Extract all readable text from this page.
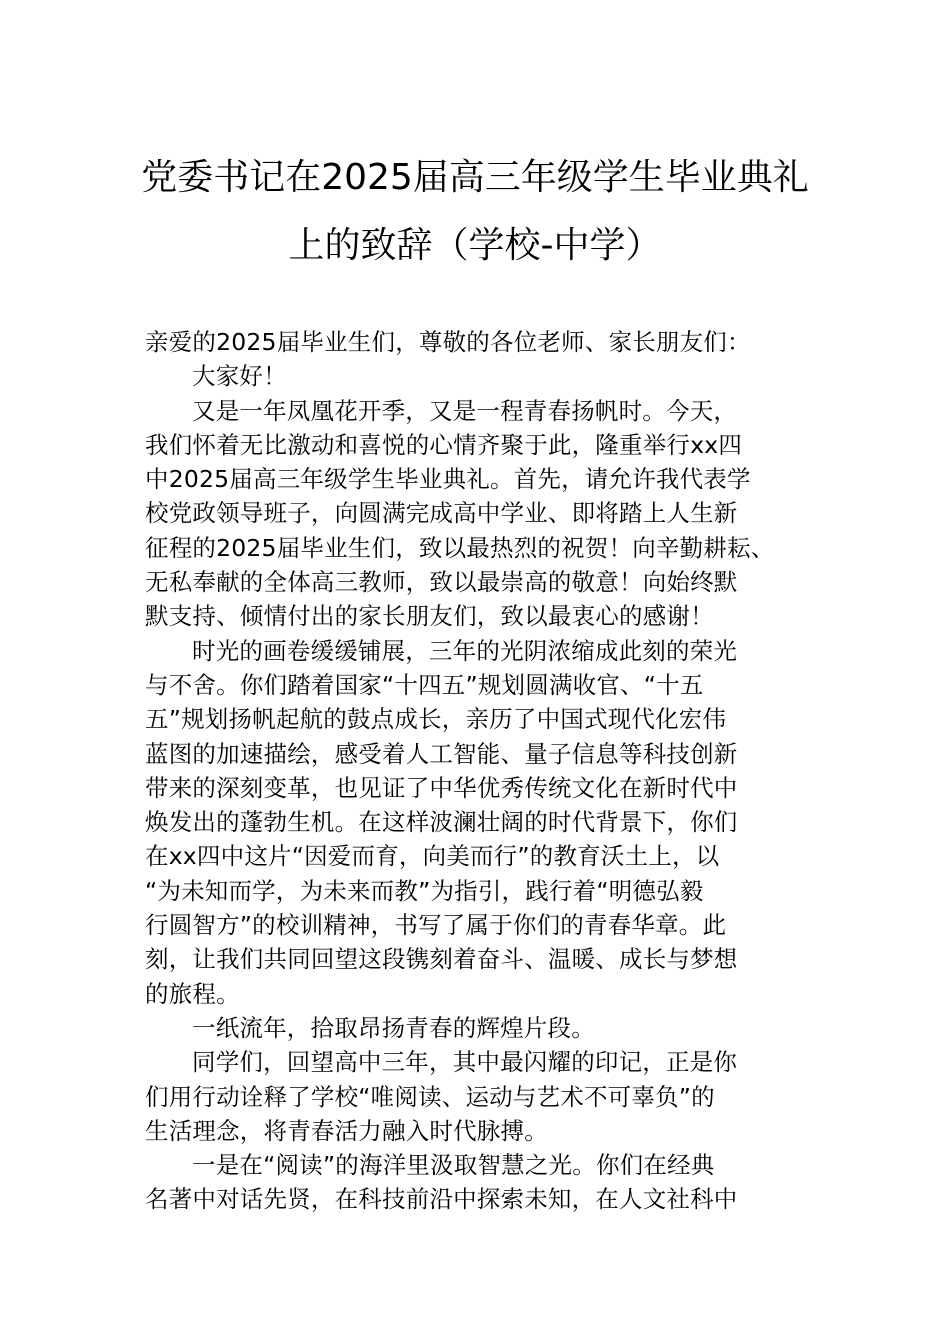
党委书记在2025届高三年级学生毕业典礼

上的致辞（学校-中学）

亲爱的2025届毕业生们，尊敬的各位老师、家长朋友们：

大家好！

又是一年凤凰花开季，又是一程青春扬帆时。今天，
我们怀着无比激动和喜悦的心情齐聚于此，隆重举行xx四
中2025届高三年级学生毕业典礼。首先，请允许我代表学
校党政领导班子，向圆满完成高中学业、即将踏上人生新
征程的2025届毕业生们，致以最热烈的祝贺！向辛勤耕耘、
无私奉献的全体高三教师，致以最崇高的敬意！向始终默
默支持、倾情付出的家长朋友们，致以最衷心的感谢！

时光的画卷缓缓铺展，三年的光阴浓缩成此刻的荣光
与不舍。你们踏着国家“十四五”规划圆满收官、“十五
五”规划扬帆起航的鼓点成长，亲历了中国式现代化宏伟
蓝图的加速描绘，感受着人工智能、量子信息等科技创新
带来的深刻变革，也见证了中华优秀传统文化在新时代中
焕发出的蓬勃生机。在这样波澜壮阔的时代背景下，你们
在xx四中这片“因爱而育，向美而行”的教育沃土上，以
“为未知而学，为未来而教”为指引，践行着“明德弘毅
行圆智方”的校训精神，书写了属于你们的青春华章。此
刻，让我们共同回望这段镌刻着奋斗、温暖、成长与梦想
的旅程。

一纸流年，拾取昂扬青春的辉煌片段。

同学们，回望高中三年，其中最闪耀的印记，正是你
们用行动诠释了学校“唯阅读、运动与艺术不可辜负”的
生活理念，将青春活力融入时代脉搏。

一是在“阅读”的海洋里汲取智慧之光。你们在经典
名著中对话先贤，在科技前沿中探索未知，在人文社科中
